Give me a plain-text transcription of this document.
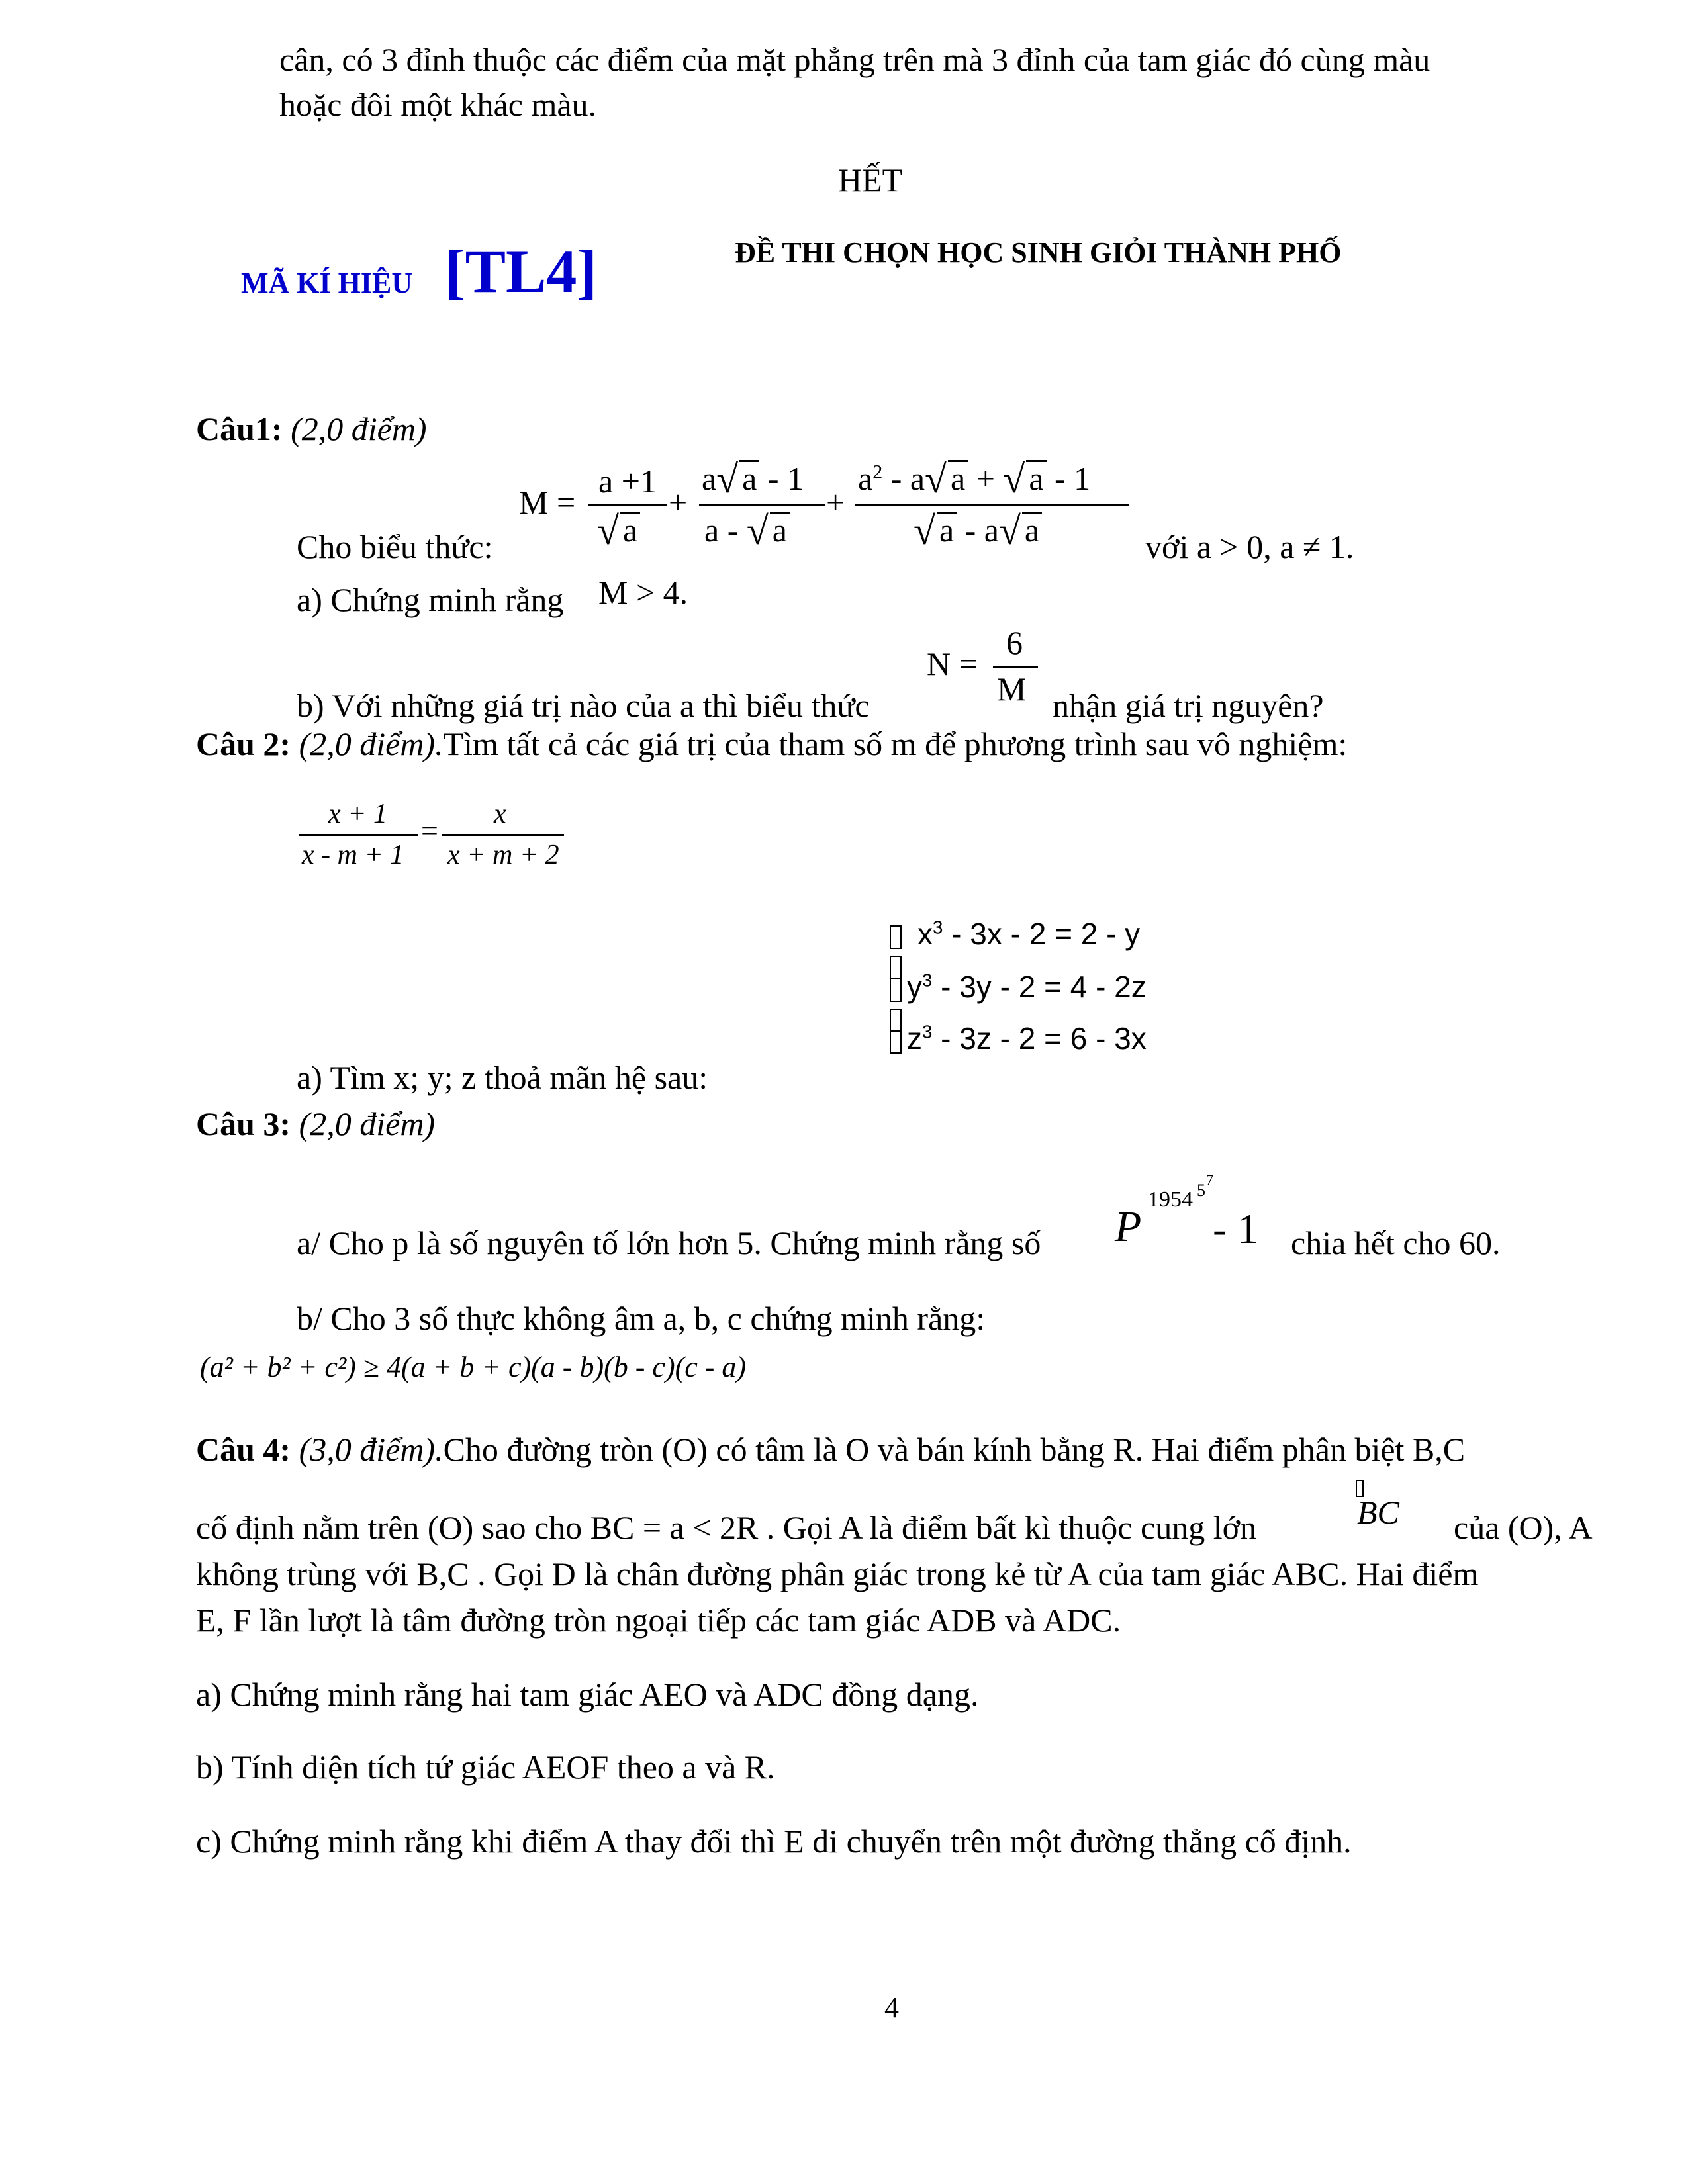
cân, có 3 đỉnh thuộc các điểm của mặt phẳng trên mà 3 đỉnh của tam giác đó cùng màu
hoặc đôi một khác màu.
HẾT
MÃ KÍ HIỆU [TL4]	ĐỀ THI CHỌN HỌC SINH GIỎI THÀNH PHỐ
Câu1: (2,0 điểm)
Cho biểu thức:
M =
a +1
√ a
+
a√ a - 1
a - √ a
+
$a^2 - a√$ a + √ a - 1
√ a - a√ a	với a > 0, a ≠ 1.
a) Chứng minh rằng M > 4.
b) Với những giá trị nào của a thì biểu thức
N =
6
M nhận giá trị nguyên?
Câu 2: (2,0 điểm).Tìm tất cả các giá trị của tham số m để phương trình sau vô nghiệm:
x + 1
x - m + 1
= x
x + m + 2
$x^3 - 3x - 2 = 2 - y$
$y^3 - 3y - 2 = 4 - 2z$
$z^3 - 3z - 2 = 6 - 3x$
a) Tìm x; y; z thoả mãn hệ sau:
Câu 3: (2,0 điểm)
a/ Cho p là số nguyên tố lớn hơn 5. Chứng minh rằng số P
1954 5
7
- 1 chia hết cho 60.
b/ Cho 3 số thực không âm a, b, c chứng minh rằng:
(a² + b² + c²) ≥ 4(a + b + c)(a - b)(b - c)(c - a)
Câu 4: (3,0 điểm).Cho đường tròn (O) có tâm là O và bán kính bằng R. Hai điểm phân biệt B,C
cố định nằm trên (O) sao cho BC = a < 2R . Gọi A là điểm bất kì thuộc cung lớn	BC của (O), A
không trùng với B,C . Gọi D là chân đường phân giác trong kẻ từ A của tam giác ABC. Hai điểm
E, F lần lượt là tâm đường tròn ngoại tiếp các tam giác ADB và ADC.
a) Chứng minh rằng hai tam giác AEO và ADC đồng dạng.
b) Tính diện tích tứ giác AEOF theo a và R.
c) Chứng minh rằng khi điểm A thay đổi thì E di chuyển trên một đường thẳng cố định.
4
